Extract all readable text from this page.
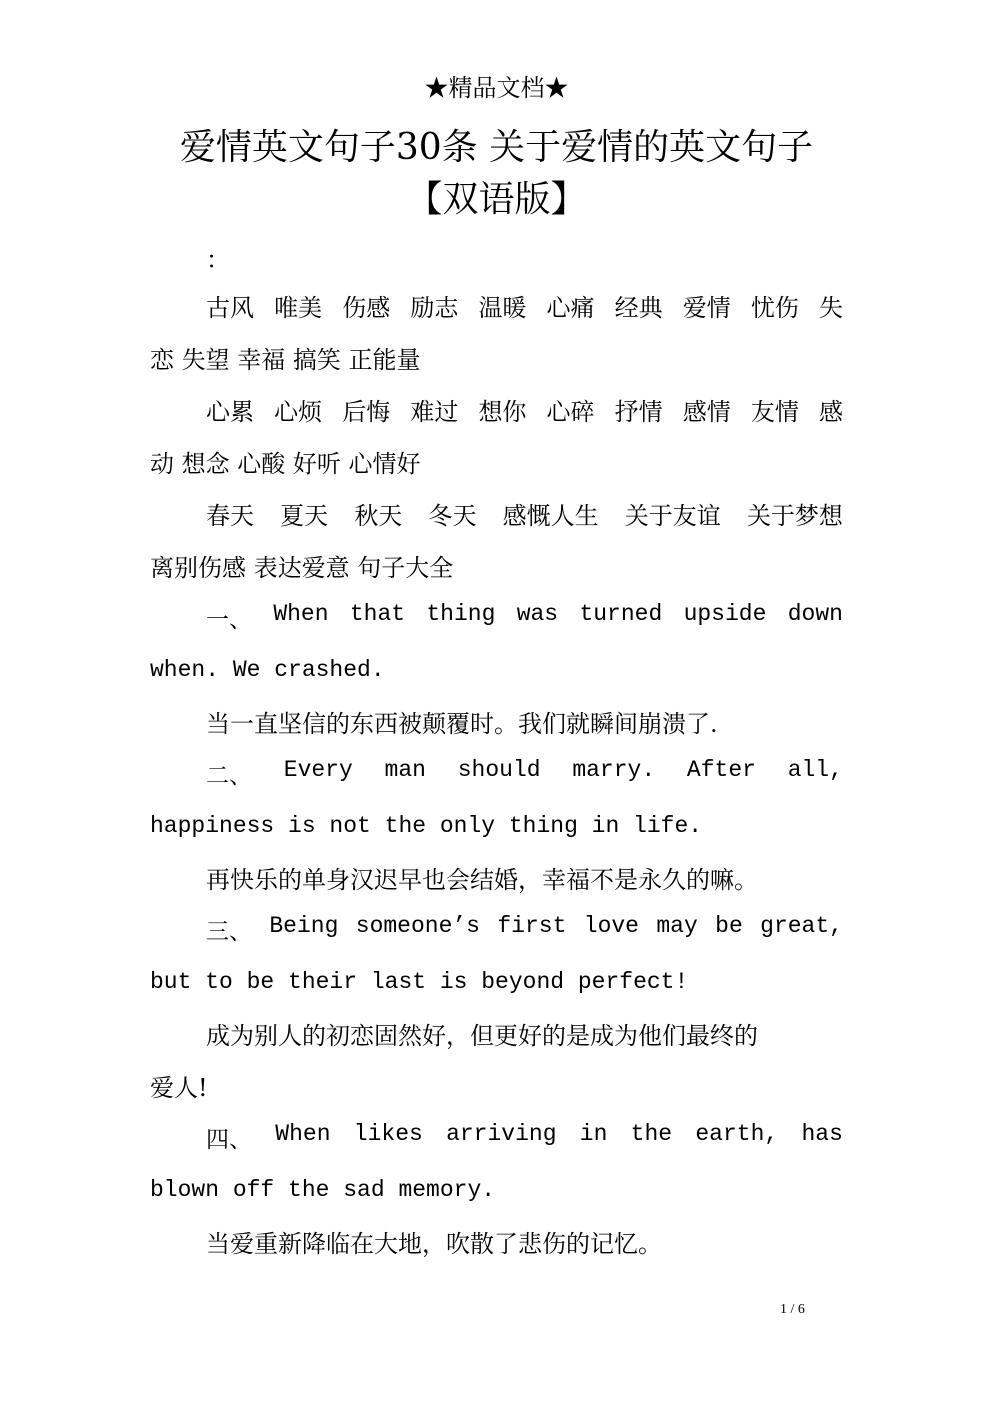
★精品文档★
爱情英文句子30条 关于爱情的英文句子
【双语版】
：
古风 唯美 伤感 励志 温暖 心痛 经典 爱情 忧伤 失
恋 失望 幸福 搞笑 正能量
心累 心烦 后悔 难过 想你 心碎 抒情 感情 友情 感
动 想念 心酸 好听 心情好
春天 夏天 秋天 冬天 感慨人生 关于友谊 关于梦想
离别伤感 表达爱意 句子大全
一、 When that thing was turned upside down
when. We crashed.
当一直坚信的东西被颠覆时。我们就瞬间崩溃了.
二、 Every man should marry. After all,
happiness is not the only thing in life.
再快乐的单身汉迟早也会结婚，幸福不是永久的嘛。
三、 Being someone’s first love may be great,
but to be their last is beyond perfect!
成为别人的初恋固然好，但更好的是成为他们最终的
爱人!
四、 When likes arriving in the earth, has
blown off the sad memory.
当爱重新降临在大地，吹散了悲伤的记忆。
1 / 6
